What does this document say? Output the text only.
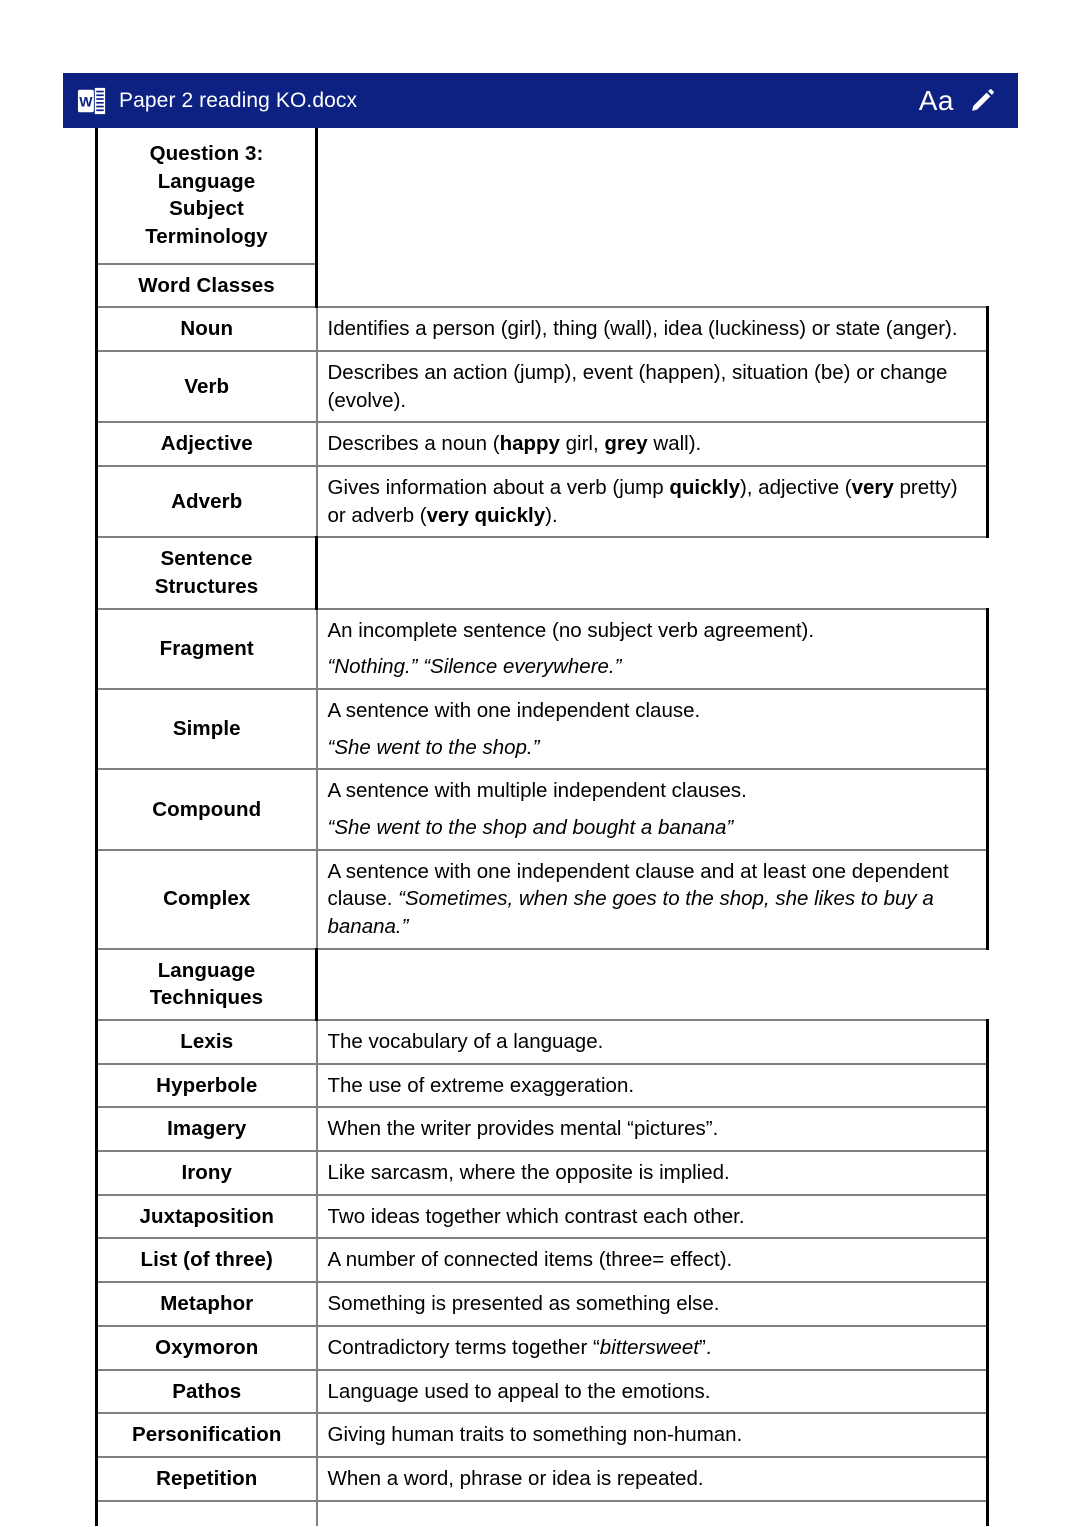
W Paper 2 reading KO.docx	Aa
Question 3:
Language
Subject
Terminology	
Word Classes	
Noun	Identifies a person (girl), thing (wall), idea (luckiness) or state (anger).
Verb	Describes an action (jump), event (happen), situation (be) or change (evolve).
Adjective	Describes a noun (happy girl, grey wall).
Adverb	Gives information about a verb (jump quickly), adjective (very pretty) or adverb (very quickly).
Sentence
Structures	
Fragment	An incomplete sentence (no subject verb agreement).
“Nothing.” “Silence everywhere.”

Simple	A sentence with one independent clause.
“She went to the shop.”

Compound	A sentence with multiple independent clauses.
“She went to the shop and bought a banana”

Complex	A sentence with one independent clause and at least one dependent clause. “Sometimes, when she goes to the shop, she likes to buy a banana.”
Language
Techniques	
Lexis	The vocabulary of a language.
Hyperbole	The use of extreme exaggeration.
Imagery	When the writer provides mental “pictures”.
Irony	Like sarcasm, where the opposite is implied.
Juxtaposition	Two ideas together which contrast each other.
List (of three)	A number of connected items (three= effect).
Metaphor	Something is presented as something else.
Oxymoron	Contradictory terms together “bittersweet”.
Pathos	Language used to appeal to the emotions.
Personification	Giving human traits to something non-human.
Repetition	When a word, phrase or idea is repeated.
